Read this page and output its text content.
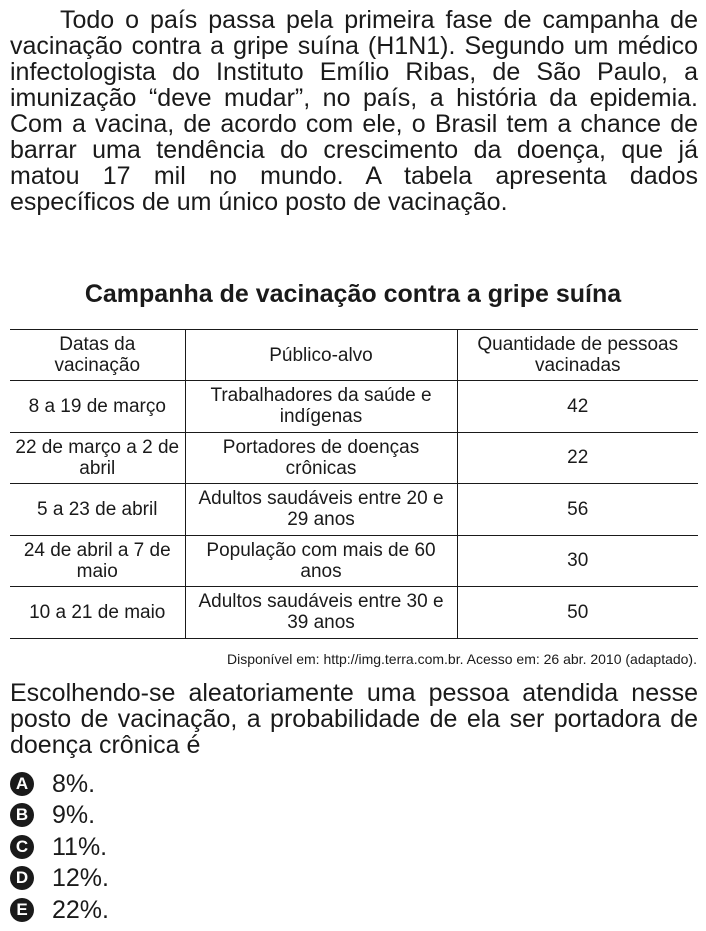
Todo o país passa pela primeira fase de campanha de vacinação contra a gripe suína (H1N1). Segundo um médico infectologista do Instituto Emílio Ribas, de São Paulo, a imunização “deve mudar”, no país, a história da epidemia. Com a vacina, de acordo com ele, o Brasil tem a chance de barrar uma tendência do crescimento da doença, que já matou 17 mil no mundo. A tabela apresenta dados específicos de um único posto de vacinação.

Campanha de vacinação contra a gripe suína
Datas da vacinação	Público-alvo	Quantidade de pessoas vacinadas
8 a 19 de março	Trabalhadores da saúde e indígenas	42
22 de março a 2 de abril	Portadores de doenças crônicas	22
5 a 23 de abril	Adultos saudáveis entre 20 e 29 anos	56
24 de abril a 7 de maio	População com mais de 60 anos	30
10 a 21 de maio	Adultos saudáveis entre 30 e 39 anos	50

Disponível em: http://img.terra.com.br. Acesso em: 26 abr. 2010 (adaptado).

Escolhendo-se aleatoriamente uma pessoa atendida nesse posto de vacinação, a probabilidade de ela ser portadora de doença crônica é

A 8%.
B 9%.
C 11%.
D 12%.
E 22%.
